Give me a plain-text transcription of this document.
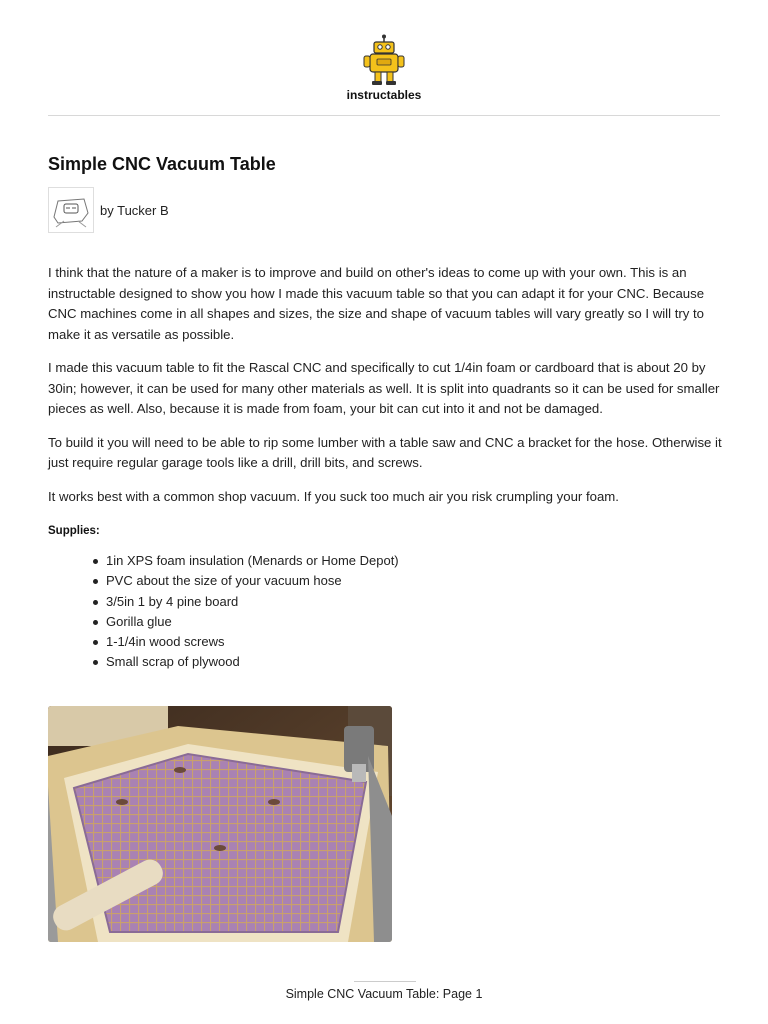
instructables
Simple CNC Vacuum Table
by Tucker B

I think that the nature of a maker is to improve and build on other's ideas to come up with your own. This is an instructable designed to show you how I made this vacuum table so that you can adapt it for your CNC. Because CNC machines come in all shapes and sizes, the size and shape of vacuum tables will vary greatly so I will try to make it as versatile as possible.

I made this vacuum table to fit the Rascal CNC and specifically to cut 1/4in foam or cardboard that is about 20 by 30in; however, it can be used for many other materials as well. It is split into quadrants so it can be used for smaller pieces as well. Also, because it is made from foam, your bit can cut into it and not be damaged.

To build it you will need to be able to rip some lumber with a table saw and CNC a bracket for the hose. Otherwise it just require regular garage tools like a drill, drill bits, and screws.

It works best with a common shop vacuum. If you suck too much air you risk crumpling your foam.

Supplies:
1in XPS foam insulation (Menards or Home Depot)
PVC about the size of your vacuum hose
3/5in 1 by 4 pine board
Gorilla glue
1-1/4in wood screws
Small scrap of plywood
Simple CNC Vacuum Table: Page 1
